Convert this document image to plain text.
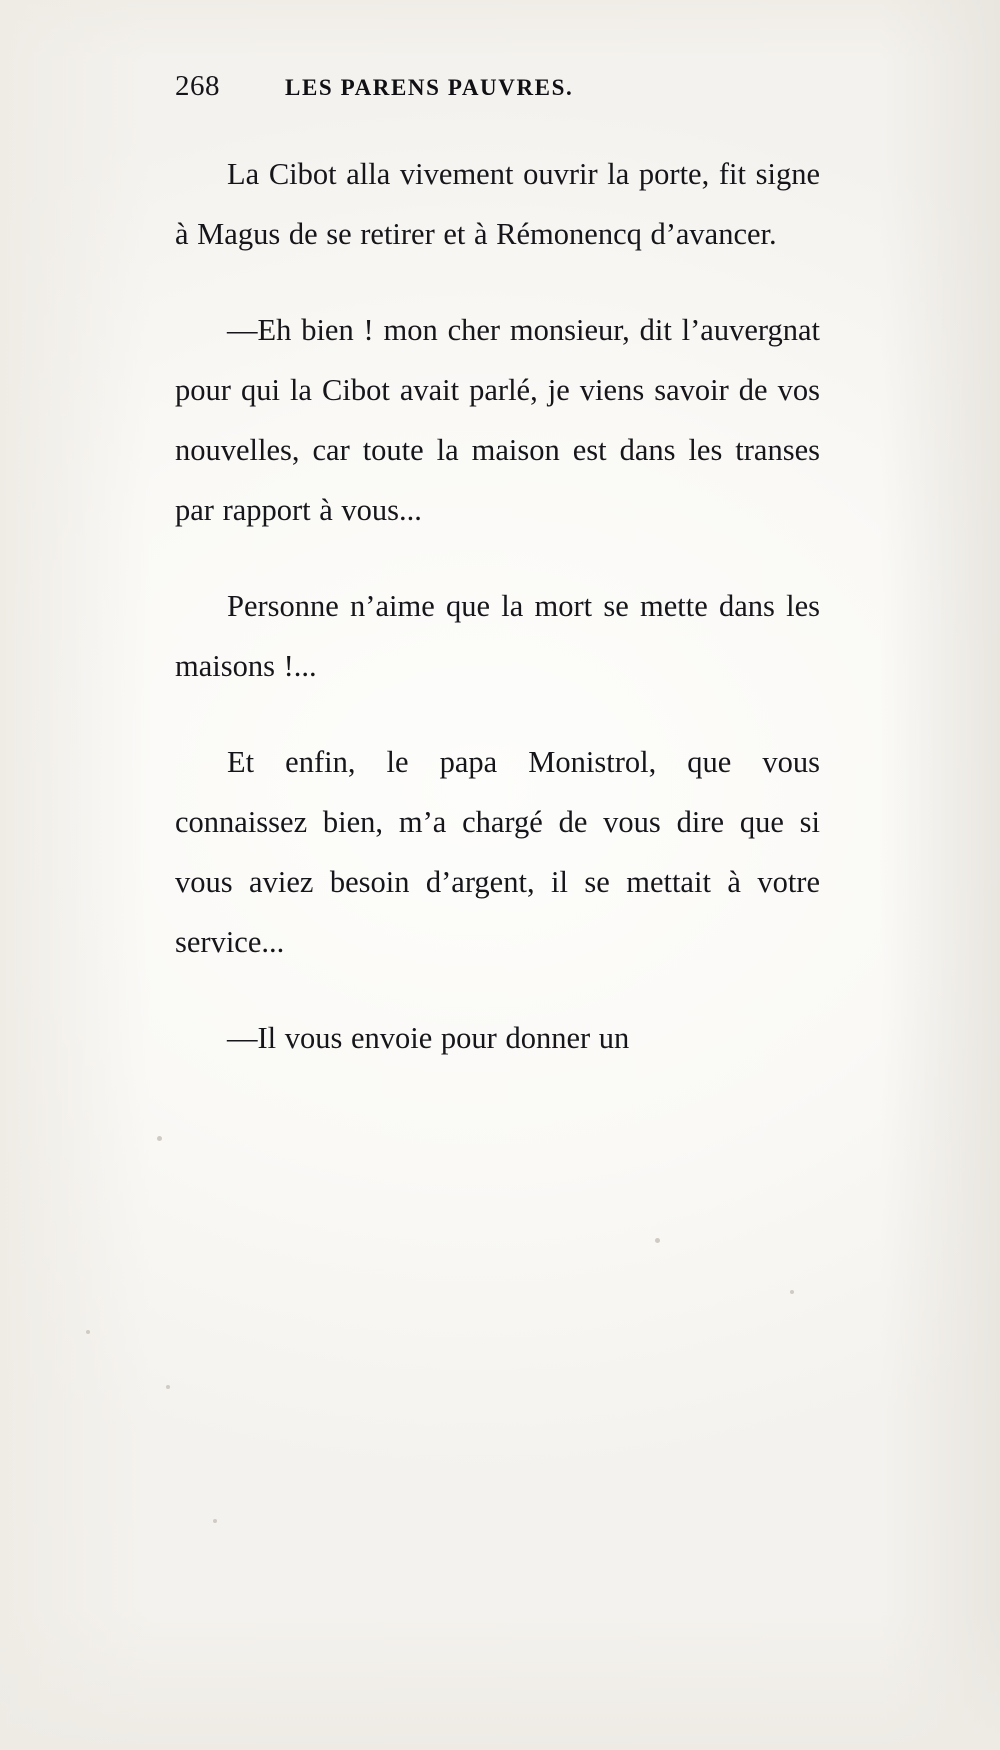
268	LES PARENS PAUVRES.

La Cibot alla vivement ouvrir la porte, fit signe à Magus de se retirer et à Rémonencq d’avancer.

—Eh bien ! mon cher monsieur, dit l’auvergnat pour qui la Cibot avait parlé, je viens savoir de vos nouvelles, car toute la maison est dans les transes par rapport à vous...

Personne n’aime que la mort se mette dans les maisons !...

Et enfin, le papa Monistrol, que vous connaissez bien, m’a chargé de vous dire que si vous aviez besoin d’argent, il se mettait à votre service...

—Il vous envoie pour donner un
